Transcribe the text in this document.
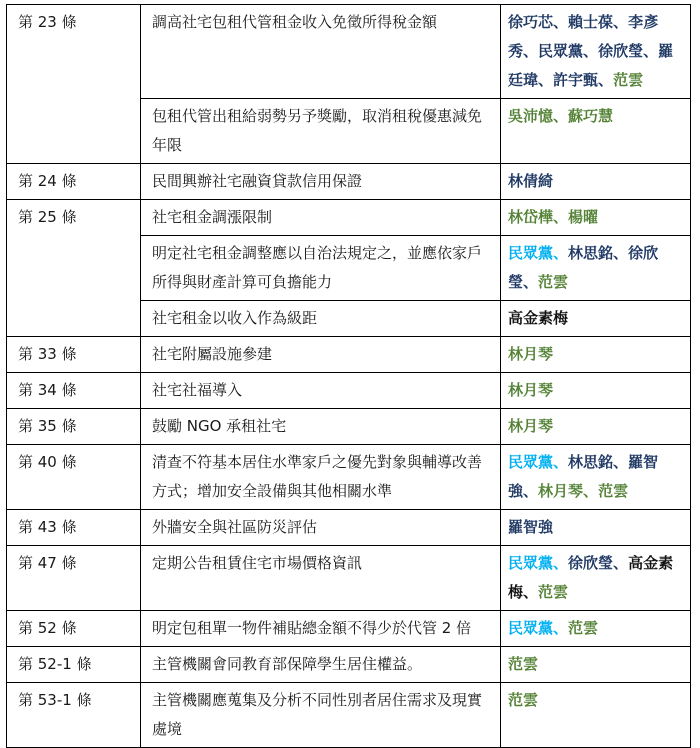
第 23 條	調高社宅包租代管租金收入免徵所得稅金額	徐巧芯、賴士葆、李彥秀、民眾黨、徐欣瑩、羅廷瑋、許宇甄、范雲
	包租代管出租給弱勢另予獎勵，取消租稅優惠減免年限	吳沛憶、蘇巧慧
第 24 條	民間興辦社宅融資貸款信用保證	林倩綺
第 25 條	社宅租金調漲限制	林岱樺、楊曜
	明定社宅租金調整應以自治法規定之，並應依家戶所得與財產計算可負擔能力	民眾黨、林思銘、徐欣瑩、范雲
	社宅租金以收入作為級距	高金素梅
第 33 條	社宅附屬設施參建	林月琴
第 34 條	社宅社福導入	林月琴
第 35 條	鼓勵 NGO 承租社宅	林月琴
第 40 條	清查不符基本居住水準家戶之優先對象與輔導改善方式；增加安全設備與其他相關水準	民眾黨、林思銘、羅智強、林月琴、范雲
第 43 條	外牆安全與社區防災評估	羅智強
第 47 條	定期公告租賃住宅市場價格資訊	民眾黨、徐欣瑩、高金素梅、范雲
第 52 條	明定包租單一物件補貼總金額不得少於代管 2 倍	民眾黨、范雲
第 52-1 條	主管機關會同教育部保障學生居住權益。	范雲
第 53-1 條	主管機關應蒐集及分析不同性別者居住需求及現實處境	范雲
